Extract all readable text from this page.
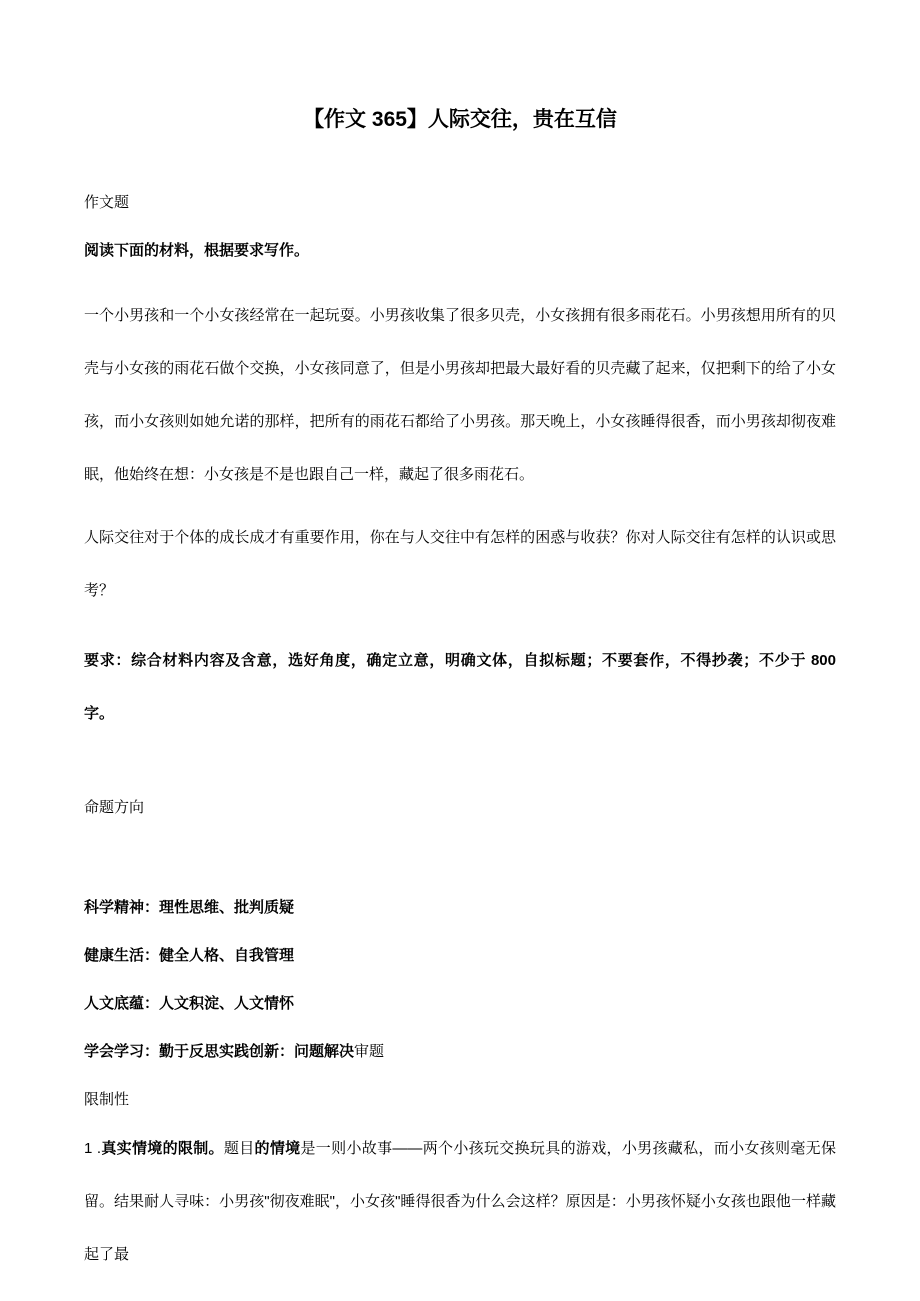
【作文 365】人际交往，贵在互信

作文题

阅读下面的材料，根据要求写作。

一个小男孩和一个小女孩经常在一起玩耍。小男孩收集了很多贝壳，小女孩拥有很多雨花石。小男孩想用所有的贝壳与小女孩的雨花石做个交换，小女孩同意了，但是小男孩却把最大最好看的贝壳藏了起来，仅把剩下的给了小女孩，而小女孩则如她允诺的那样，把所有的雨花石都给了小男孩。那天晚上，小女孩睡得很香，而小男孩却彻夜难眠，他始终在想：小女孩是不是也跟自己一样，藏起了很多雨花石。

人际交往对于个体的成长成才有重要作用，你在与人交往中有怎样的困惑与收获？你对人际交往有怎样的认识或思考？

要求：综合材料内容及含意，选好角度，确定立意，明确文体，自拟标题；不要套作，不得抄袭；不少于 800 字。

命题方向

科学精神：理性思维、批判质疑

健康生活：健全人格、自我管理

人文底蕴：人文积淀、人文情怀

学会学习：勤于反思实践创新：问题解决审题

限制性

1 .真实情境的限制。题目的情境是一则小故事——两个小孩玩交换玩具的游戏，小男孩藏私，而小女孩则毫无保留。结果耐人寻味：小男孩"彻夜难眠"，小女孩"睡得很香为什么会这样？原因是：小男孩怀疑小女孩也跟他一样藏起了最
